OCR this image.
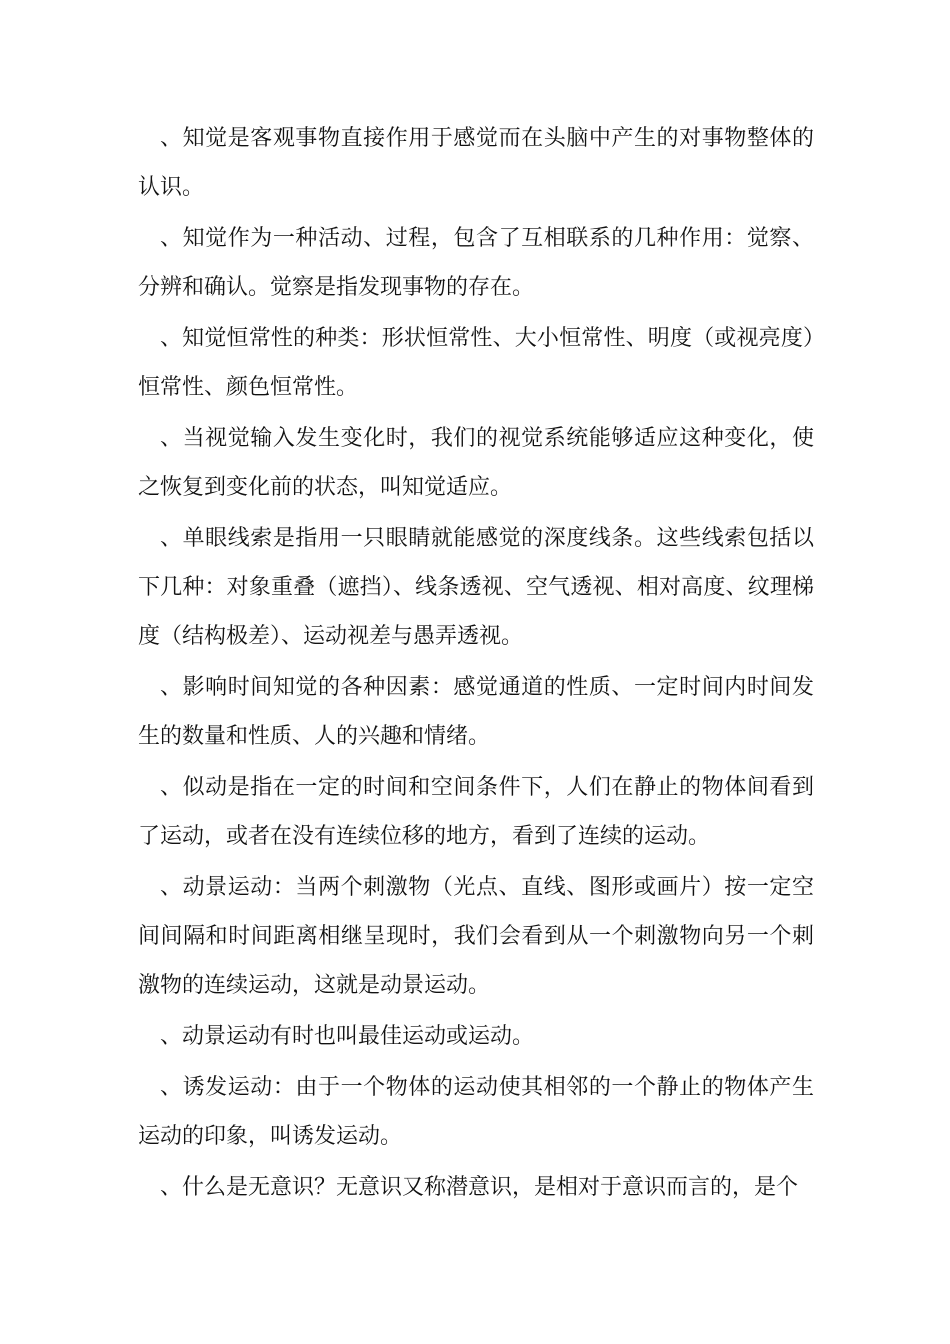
、知觉是客观事物直接作用于感觉而在头脑中产生的对事物整体的认识。

、知觉作为一种活动、过程，包含了互相联系的几种作用：觉察、分辨和确认。觉察是指发现事物的存在。

、知觉恒常性的种类：形状恒常性、大小恒常性、明度（或视亮度）恒常性、颜色恒常性。

、当视觉输入发生变化时，我们的视觉系统能够适应这种变化，使之恢复到变化前的状态，叫知觉适应。

、单眼线索是指用一只眼睛就能感觉的深度线条。这些线索包括以下几种：对象重叠（遮挡）、线条透视、空气透视、相对高度、纹理梯度（结构极差）、运动视差与愚弄透视。

、影响时间知觉的各种因素：感觉通道的性质、一定时间内时间发生的数量和性质、人的兴趣和情绪。

、似动是指在一定的时间和空间条件下，人们在静止的物体间看到了运动，或者在没有连续位移的地方，看到了连续的运动。

、动景运动：当两个刺激物（光点、直线、图形或画片）按一定空间间隔和时间距离相继呈现时，我们会看到从一个刺激物向另一个刺激物的连续运动，这就是动景运动。

、动景运动有时也叫最佳运动或运动。

、诱发运动：由于一个物体的运动使其相邻的一个静止的物体产生运动的印象，叫诱发运动。

、什么是无意识？无意识又称潜意识，是相对于意识而言的，是个
